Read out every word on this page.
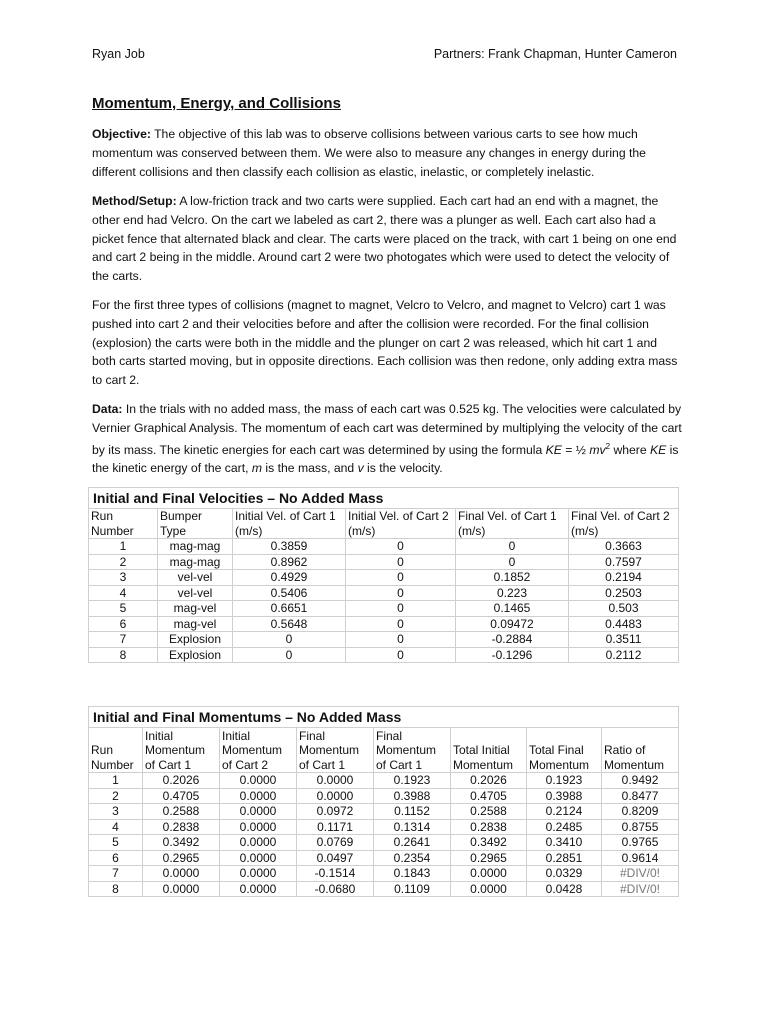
Ryan Job	Partners: Frank Chapman, Hunter Cameron
Momentum, Energy, and Collisions

Objective: The objective of this lab was to observe collisions between various carts to see how much momentum was conserved between them. We were also to measure any changes in energy during the different collisions and then classify each collision as elastic, inelastic, or completely inelastic.

Method/Setup: A low-friction track and two carts were supplied. Each cart had an end with a magnet, the other end had Velcro. On the cart we labeled as cart 2, there was a plunger as well. Each cart also had a picket fence that alternated black and clear. The carts were placed on the track, with cart 1 being on one end and cart 2 being in the middle. Around cart 2 were two photogates which were used to detect the velocity of the carts.

For the first three types of collisions (magnet to magnet, Velcro to Velcro, and magnet to Velcro) cart 1 was pushed into cart 2 and their velocities before and after the collision were recorded. For the final collision (explosion) the carts were both in the middle and the plunger on cart 2 was released, which hit cart 1 and both carts started moving, but in opposite directions. Each collision was then redone, only adding extra mass to cart 2.

Data: In the trials with no added mass, the mass of each cart was 0.525 kg. The velocities were calculated by Vernier Graphical Analysis. The momentum of each cart was determined by multiplying the velocity of the cart by its mass. The kinetic energies for each cart was determined by using the formula KE = ½ $mv^2$ where KE is the kinetic energy of the cart, m is the mass, and v is the velocity.

Initial and Final Velocities – No Added Mass					
Run Number	Bumper Type	Initial Vel. of Cart 1 (m/s)	Initial Vel. of Cart 2 (m/s)	Final Vel. of Cart 1 (m/s)	Final Vel. of Cart 2 (m/s)
1	mag-mag	0.3859	0	0	0.3663
2	mag-mag	0.8962	0	0	0.7597
3	vel-vel	0.4929	0	0.1852	0.2194
4	vel-vel	0.5406	0	0.223	0.2503
5	mag-vel	0.6651	0	0.1465	0.503
6	mag-vel	0.5648	0	0.09472	0.4483
7	Explosion	0	0	-0.2884	0.3511
8	Explosion	0	0	-0.1296	0.2112
Initial and Final Momentums – No Added Mass							
Run Number	Initial Momentum of Cart 1	Initial Momentum of Cart 2	Final Momentum of Cart 1	Final Momentum of Cart 1	Total Initial Momentum	Total Final Momentum	Ratio of Momentum
1	0.2026	0.0000	0.0000	0.1923	0.2026	0.1923	0.9492
2	0.4705	0.0000	0.0000	0.3988	0.4705	0.3988	0.8477
3	0.2588	0.0000	0.0972	0.1152	0.2588	0.2124	0.8209
4	0.2838	0.0000	0.1171	0.1314	0.2838	0.2485	0.8755
5	0.3492	0.0000	0.0769	0.2641	0.3492	0.3410	0.9765
6	0.2965	0.0000	0.0497	0.2354	0.2965	0.2851	0.9614
7	0.0000	0.0000	-0.1514	0.1843	0.0000	0.0329	#DIV/0!
8	0.0000	0.0000	-0.0680	0.1109	0.0000	0.0428	#DIV/0!
